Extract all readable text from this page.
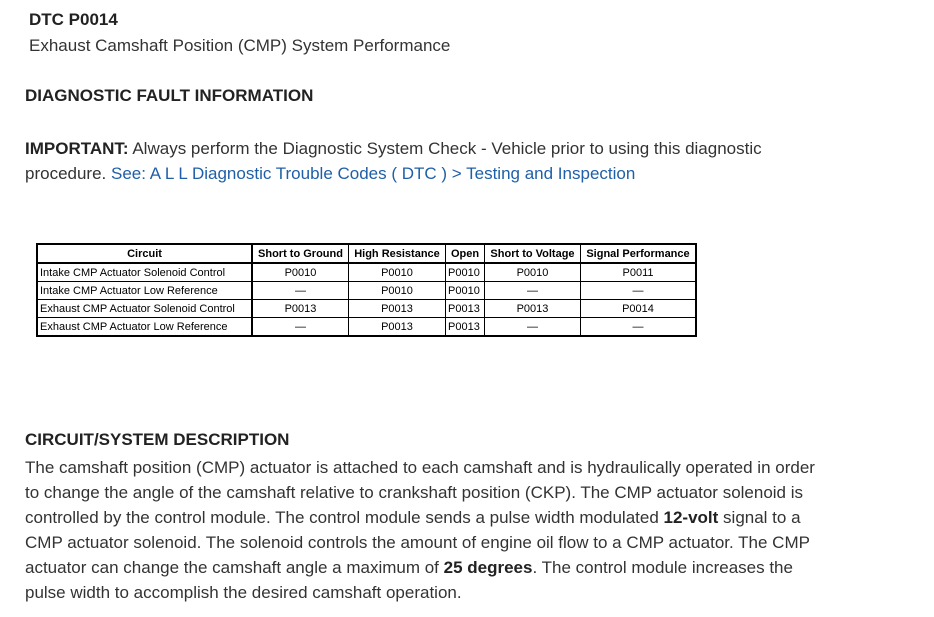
DTC P0014
Exhaust Camshaft Position (CMP) System Performance
DIAGNOSTIC FAULT INFORMATION
IMPORTANT: Always perform the Diagnostic System Check - Vehicle prior to using this diagnostic procedure. See: A L L Diagnostic Trouble Codes ( DTC ) > Testing and Inspection
Circuit	Short to Ground	High Resistance	Open	Short to Voltage	Signal Performance
Intake CMP Actuator Solenoid Control	P0010	P0010	P0010	P0010	P0011
Intake CMP Actuator Low Reference	—	P0010	P0010	—	—
Exhaust CMP Actuator Solenoid Control	P0013	P0013	P0013	P0013	P0014
Exhaust CMP Actuator Low Reference	—	P0013	P0013	—	—
CIRCUIT/SYSTEM DESCRIPTION
The camshaft position (CMP) actuator is attached to each camshaft and is hydraulically operated in order to change the angle of the camshaft relative to crankshaft position (CKP). The CMP actuator solenoid is controlled by the control module. The control module sends a pulse width modulated 12-volt signal to a CMP actuator solenoid. The solenoid controls the amount of engine oil flow to a CMP actuator. The CMP actuator can change the camshaft angle a maximum of 25 degrees. The control module increases the pulse width to accomplish the desired camshaft operation.
